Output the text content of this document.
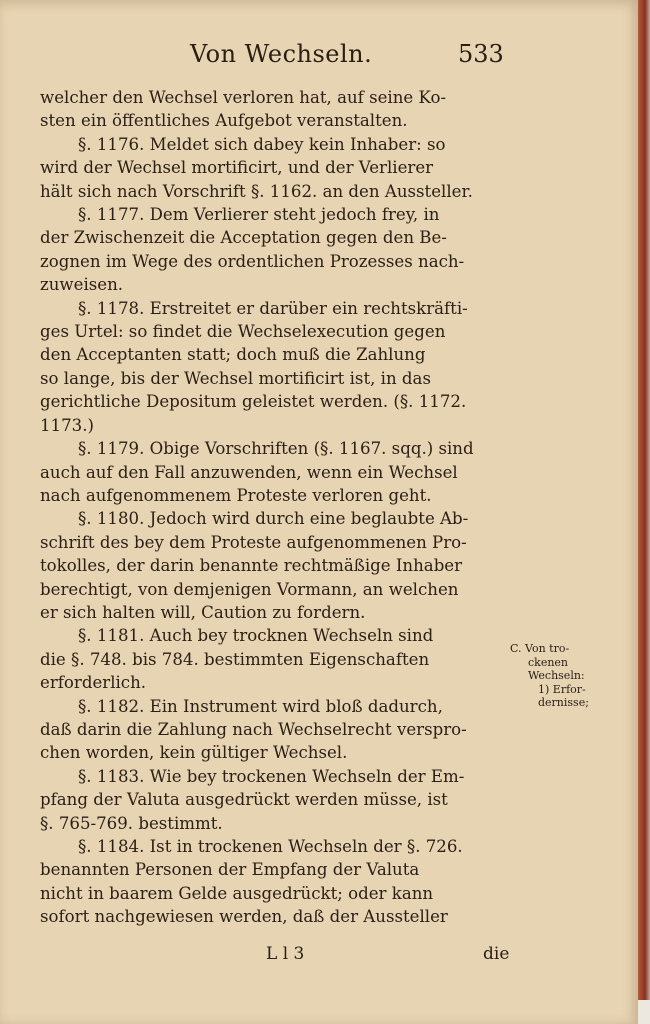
Von Wechseln.	533

welcher den Wechsel verloren hat, auf seine Ko-
sten ein öffentliches Aufgebot veranstalten.

§. 1176. Meldet sich dabey kein Inhaber: so
wird der Wechsel mortificirt, und der Verlierer
hält sich nach Vorschrift §. 1162. an den Aussteller.

§. 1177. Dem Verlierer steht jedoch frey, in
der Zwischenzeit die Acceptation gegen den Be-
zognen im Wege des ordentlichen Prozesses nach-
zuweisen.

§. 1178. Erstreitet er darüber ein rechtskräfti-
ges Urtel: so findet die Wechselexecution gegen
den Acceptanten statt; doch muß die Zahlung
so lange, bis der Wechsel mortificirt ist, in das
gerichtliche Depositum geleistet werden. (§. 1172.
1173.)

§. 1179. Obige Vorschriften (§. 1167. sqq.) sind
auch auf den Fall anzuwenden, wenn ein Wechsel
nach aufgenommenem Proteste verloren geht.

§. 1180. Jedoch wird durch eine beglaubte Ab-
schrift des bey dem Proteste aufgenommenen Pro-
tokolles, der darin benannte rechtmäßige Inhaber
berechtigt, von demjenigen Vormann, an welchen
er sich halten will, Caution zu fordern.

§. 1181. Auch bey trocknen Wechseln sind
die §. 748. bis 784. bestimmten Eigenschaften
erforderlich.

§. 1182. Ein Instrument wird bloß dadurch,
daß darin die Zahlung nach Wechselrecht verspro-
chen worden, kein gültiger Wechsel.

§. 1183. Wie bey trockenen Wechseln der Em-
pfang der Valuta ausgedrückt werden müsse, ist
§. 765-769. bestimmt.

§. 1184. Ist in trockenen Wechseln der §. 726.
benannten Personen der Empfang der Valuta
nicht in baarem Gelde ausgedrückt; oder kann
sofort nachgewiesen werden, daß der Aussteller

C. Von tro-
ckenen
Wechseln:
1) Erfor-
dernisse;
L l 3	die
